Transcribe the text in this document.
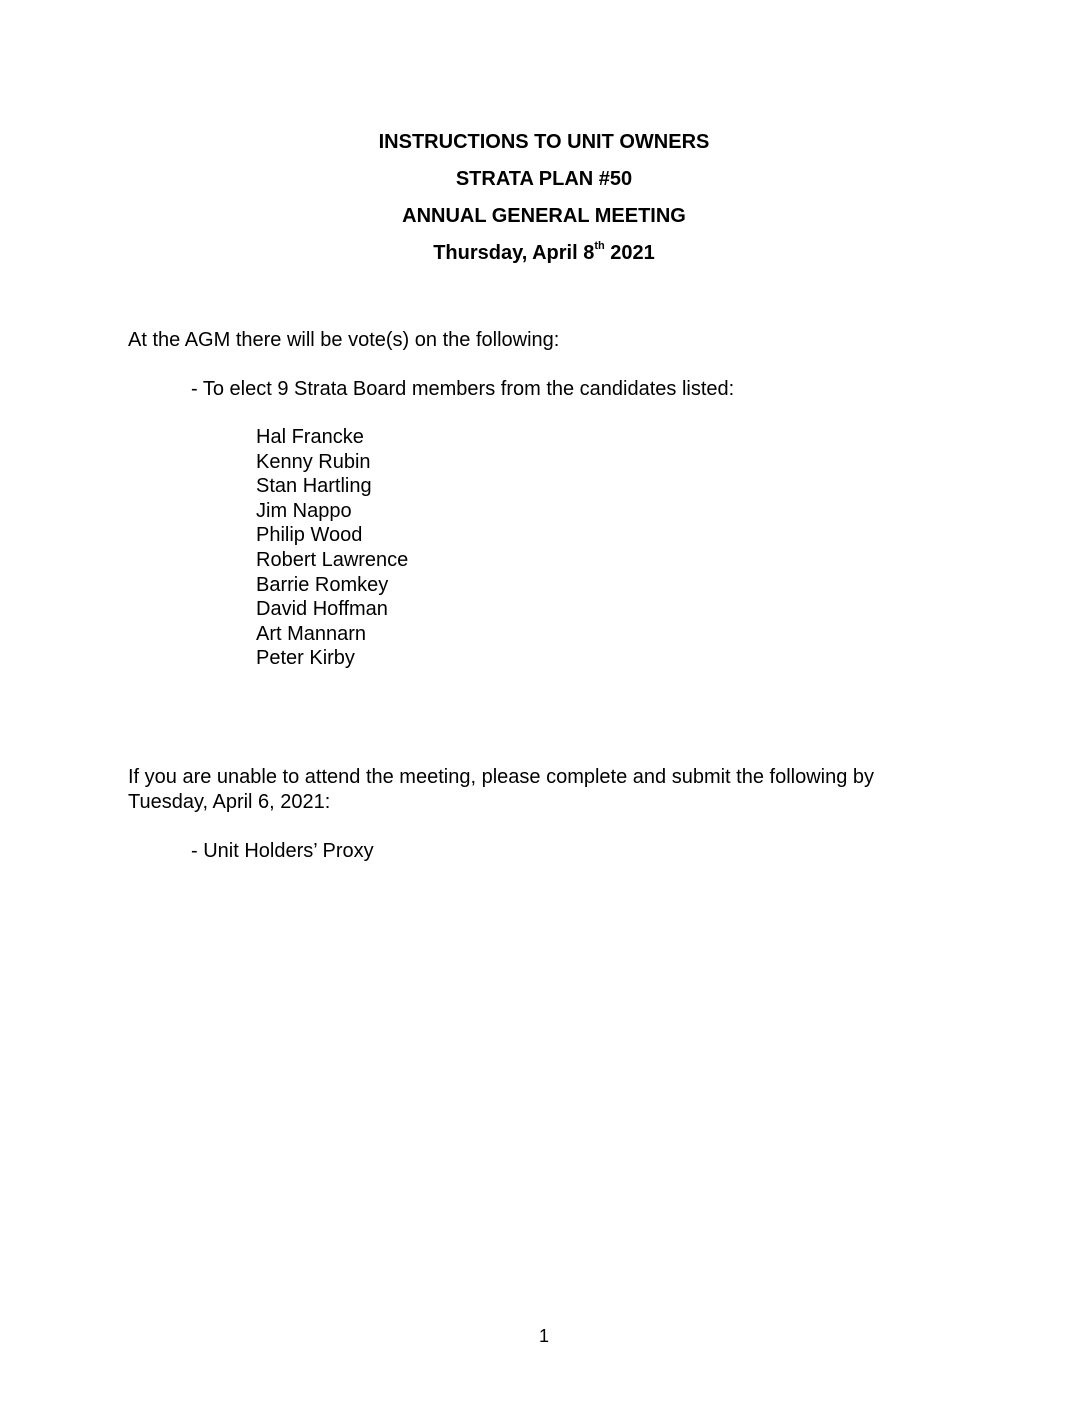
INSTRUCTIONS TO UNIT OWNERS
STRATA PLAN #50
ANNUAL GENERAL MEETING
Thursday, April 8th 2021
At the AGM there will be vote(s) on the following:
- To elect 9 Strata Board members from the candidates listed:
Hal Francke
Kenny Rubin
Stan Hartling
Jim Nappo
Philip Wood
Robert Lawrence
Barrie Romkey
David Hoffman
Art Mannarn
Peter Kirby
If you are unable to attend the meeting, please complete and submit the following by
Tuesday, April 6, 2021:
- Unit Holders’ Proxy
1
